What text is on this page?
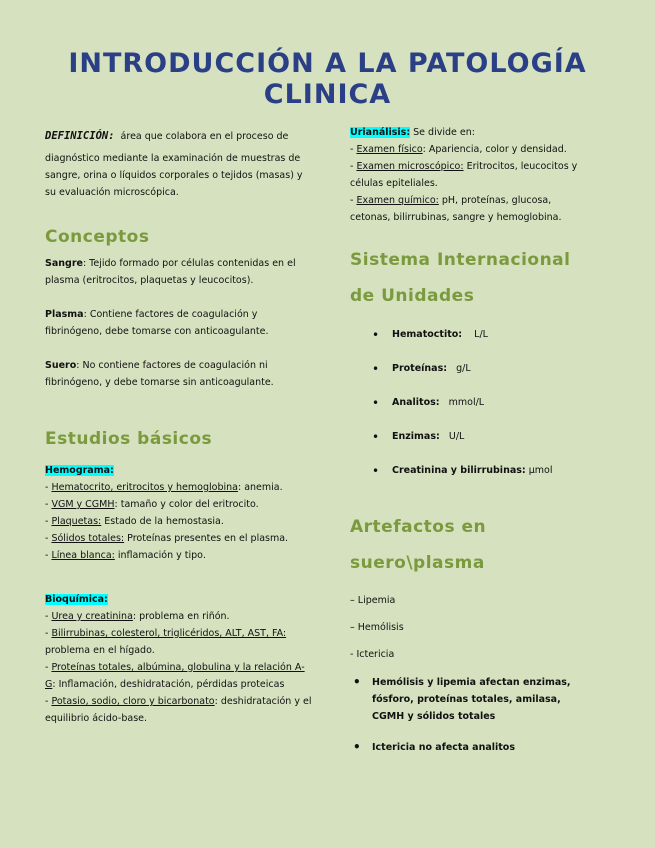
INTRODUCCIÓN A LA PATOLOGÍA CLINICA

DEFINICIÓN: área que colabora en el proceso de

diagnóstico mediante la examinación de muestras de sangre, orina o líquidos corporales o tejidos (masas) y su evaluación microscópica.

Conceptos

Sangre: Tejido formado por células contenidas en el plasma (eritrocitos, plaquetas y leucocitos).

Plasma: Contiene factores de coagulación y fibrinógeno, debe tomarse con anticoagulante.

Suero: No contiene factores de coagulación ni fibrinógeno, y debe tomarse sin anticoagulante.

Estudios básicos

Hemograma:

- Hematocrito, eritrocitos y hemoglobina: anemia.
- VGM y CGMH: tamaño y color del eritrocito.
- Plaquetas: Estado de la hemostasia.
- Sólidos totales: Proteínas presentes en el plasma.
- Línea blanca: inflamación y tipo.

Bioquímica:

- Urea y creatinina: problema en riñón.
- Bilirrubinas, colesterol, triglicéridos, ALT, AST, FA: problema en el hígado.
- Proteínas totales, albúmina, globulina y la relación A-G: Inflamación, deshidratación, pérdidas proteicas
- Potasio, sodio, cloro y bicarbonato: deshidratación y el equilibrio ácido-base.

Urianálisis: Se divide en:

- Examen físico: Apariencia, color y densidad.
- Examen microscópico: Eritrocitos, leucocitos y células epiteliales.
- Examen químico: pH, proteínas, glucosa, cetonas, bilirrubinas, sangre y hemoglobina.
Sistema Internacional
de Unidades
• Hematoctito: L/L
• Proteínas: g/L
• Analitos: mmol/L
• Enzimas: U/L
• Creatinina y bilirrubinas: µmol
Artefactos en
suero\plasma
– Lipemia
– Hemólisis
- Ictericia
• Hemólisis y lipemia afectan enzimas, fósforo, proteínas totales, amilasa, CGMH y sólidos totales
• Ictericia no afecta analitos
